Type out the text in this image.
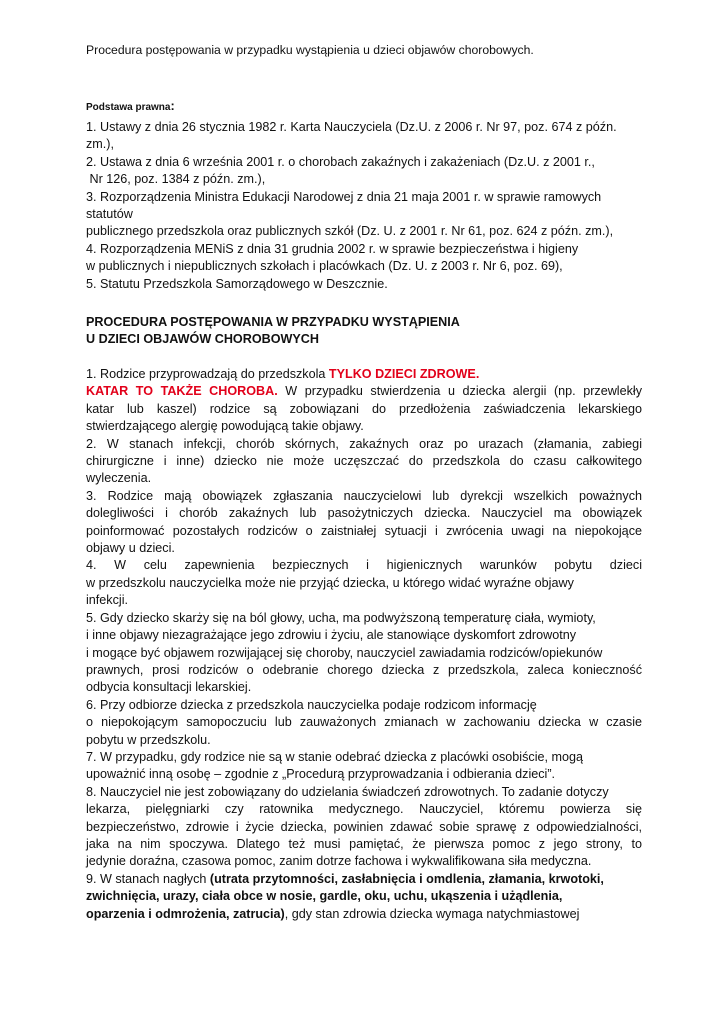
Procedura postępowania w przypadku wystąpienia u dzieci objawów chorobowych.

Podstawa prawna:

1. Ustawy z dnia 26 stycznia 1982 r. Karta Nauczyciela (Dz.U. z 2006 r. Nr 97, poz. 674 z późn.

zm.),

2. Ustawa z dnia 6 września 2001 r. o chorobach zakaźnych i zakażeniach (Dz.U. z 2001 r.,

Nr 126, poz. 1384 z późn. zm.),

3. Rozporządzenia Ministra Edukacji Narodowej z dnia 21 maja 2001 r. w sprawie ramowych

statutów

publicznego przedszkola oraz publicznych szkół (Dz. U. z 2001 r. Nr 61, poz. 624 z późn. zm.),

4. Rozporządzenia MENiS z dnia 31 grudnia 2002 r. w sprawie bezpieczeństwa i higieny

w publicznych i niepublicznych szkołach i placówkach (Dz. U. z 2003 r. Nr 6, poz. 69),

5. Statutu Przedszkola Samorządowego w Deszcznie.

PROCEDURA POSTĘPOWANIA W PRZYPADKU WYSTĄPIENIA

U DZIECI OBJAWÓW CHOROBOWYCH

1. Rodzice przyprowadzają do przedszkola TYLKO DZIECI ZDROWE.

KATAR TO TAKŻE CHOROBA. W przypadku stwierdzenia u dziecka alergii (np. przewlekły

katar lub kaszel) rodzice są zobowiązani do przedłożenia zaświadczenia lekarskiego

stwierdzającego alergię powodującą takie objawy.

2. W stanach infekcji, chorób skórnych, zakaźnych oraz po urazach (złamania, zabiegi

chirurgiczne i inne) dziecko nie może uczęszczać do przedszkola do czasu całkowitego

wyleczenia.

3. Rodzice mają obowiązek zgłaszania nauczycielowi lub dyrekcji wszelkich poważnych

dolegliwości i chorób zakaźnych lub pasożytniczych dziecka. Nauczyciel ma obowiązek

poinformować pozostałych rodziców o zaistniałej sytuacji i zwrócenia uwagi na niepokojące

objawy u dzieci.

4. W celu zapewnienia bezpiecznych i higienicznych warunków pobytu dzieci

w przedszkolu nauczycielka może nie przyjąć dziecka, u którego widać wyraźne objawy

infekcji.

5. Gdy dziecko skarży się na ból głowy, ucha, ma podwyższoną temperaturę ciała, wymioty,

i inne objawy niezagrażające jego zdrowiu i życiu, ale stanowiące dyskomfort zdrowotny

i mogące być objawem rozwijającej się choroby, nauczyciel zawiadamia rodziców/opiekunów

prawnych, prosi rodziców o odebranie chorego dziecka z przedszkola, zaleca konieczność

odbycia konsultacji lekarskiej.

6. Przy odbiorze dziecka z przedszkola nauczycielka podaje rodzicom informację

o niepokojącym samopoczuciu lub zauważonych zmianach w zachowaniu dziecka w czasie

pobytu w przedszkolu.

7. W przypadku, gdy rodzice nie są w stanie odebrać dziecka z placówki osobiście, mogą

upoważnić inną osobę – zgodnie z „Procedurą przyprowadzania i odbierania dzieci”.

8. Nauczyciel nie jest zobowiązany do udzielania świadczeń zdrowotnych. To zadanie dotyczy

lekarza, pielęgniarki czy ratownika medycznego. Nauczyciel, któremu powierza się

bezpieczeństwo, zdrowie i życie dziecka, powinien zdawać sobie sprawę z odpowiedzialności,

jaka na nim spoczywa. Dlatego też musi pamiętać, że pierwsza pomoc z jego strony, to

jedynie doraźna, czasowa pomoc, zanim dotrze fachowa i wykwalifikowana siła medyczna.

9. W stanach nagłych (utrata przytomności, zasłabnięcia i omdlenia, złamania, krwotoki,

zwichnięcia, urazy, ciała obce w nosie, gardle, oku, uchu, ukąszenia i użądlenia,

oparzenia i odmrożenia, zatrucia), gdy stan zdrowia dziecka wymaga natychmiastowej
